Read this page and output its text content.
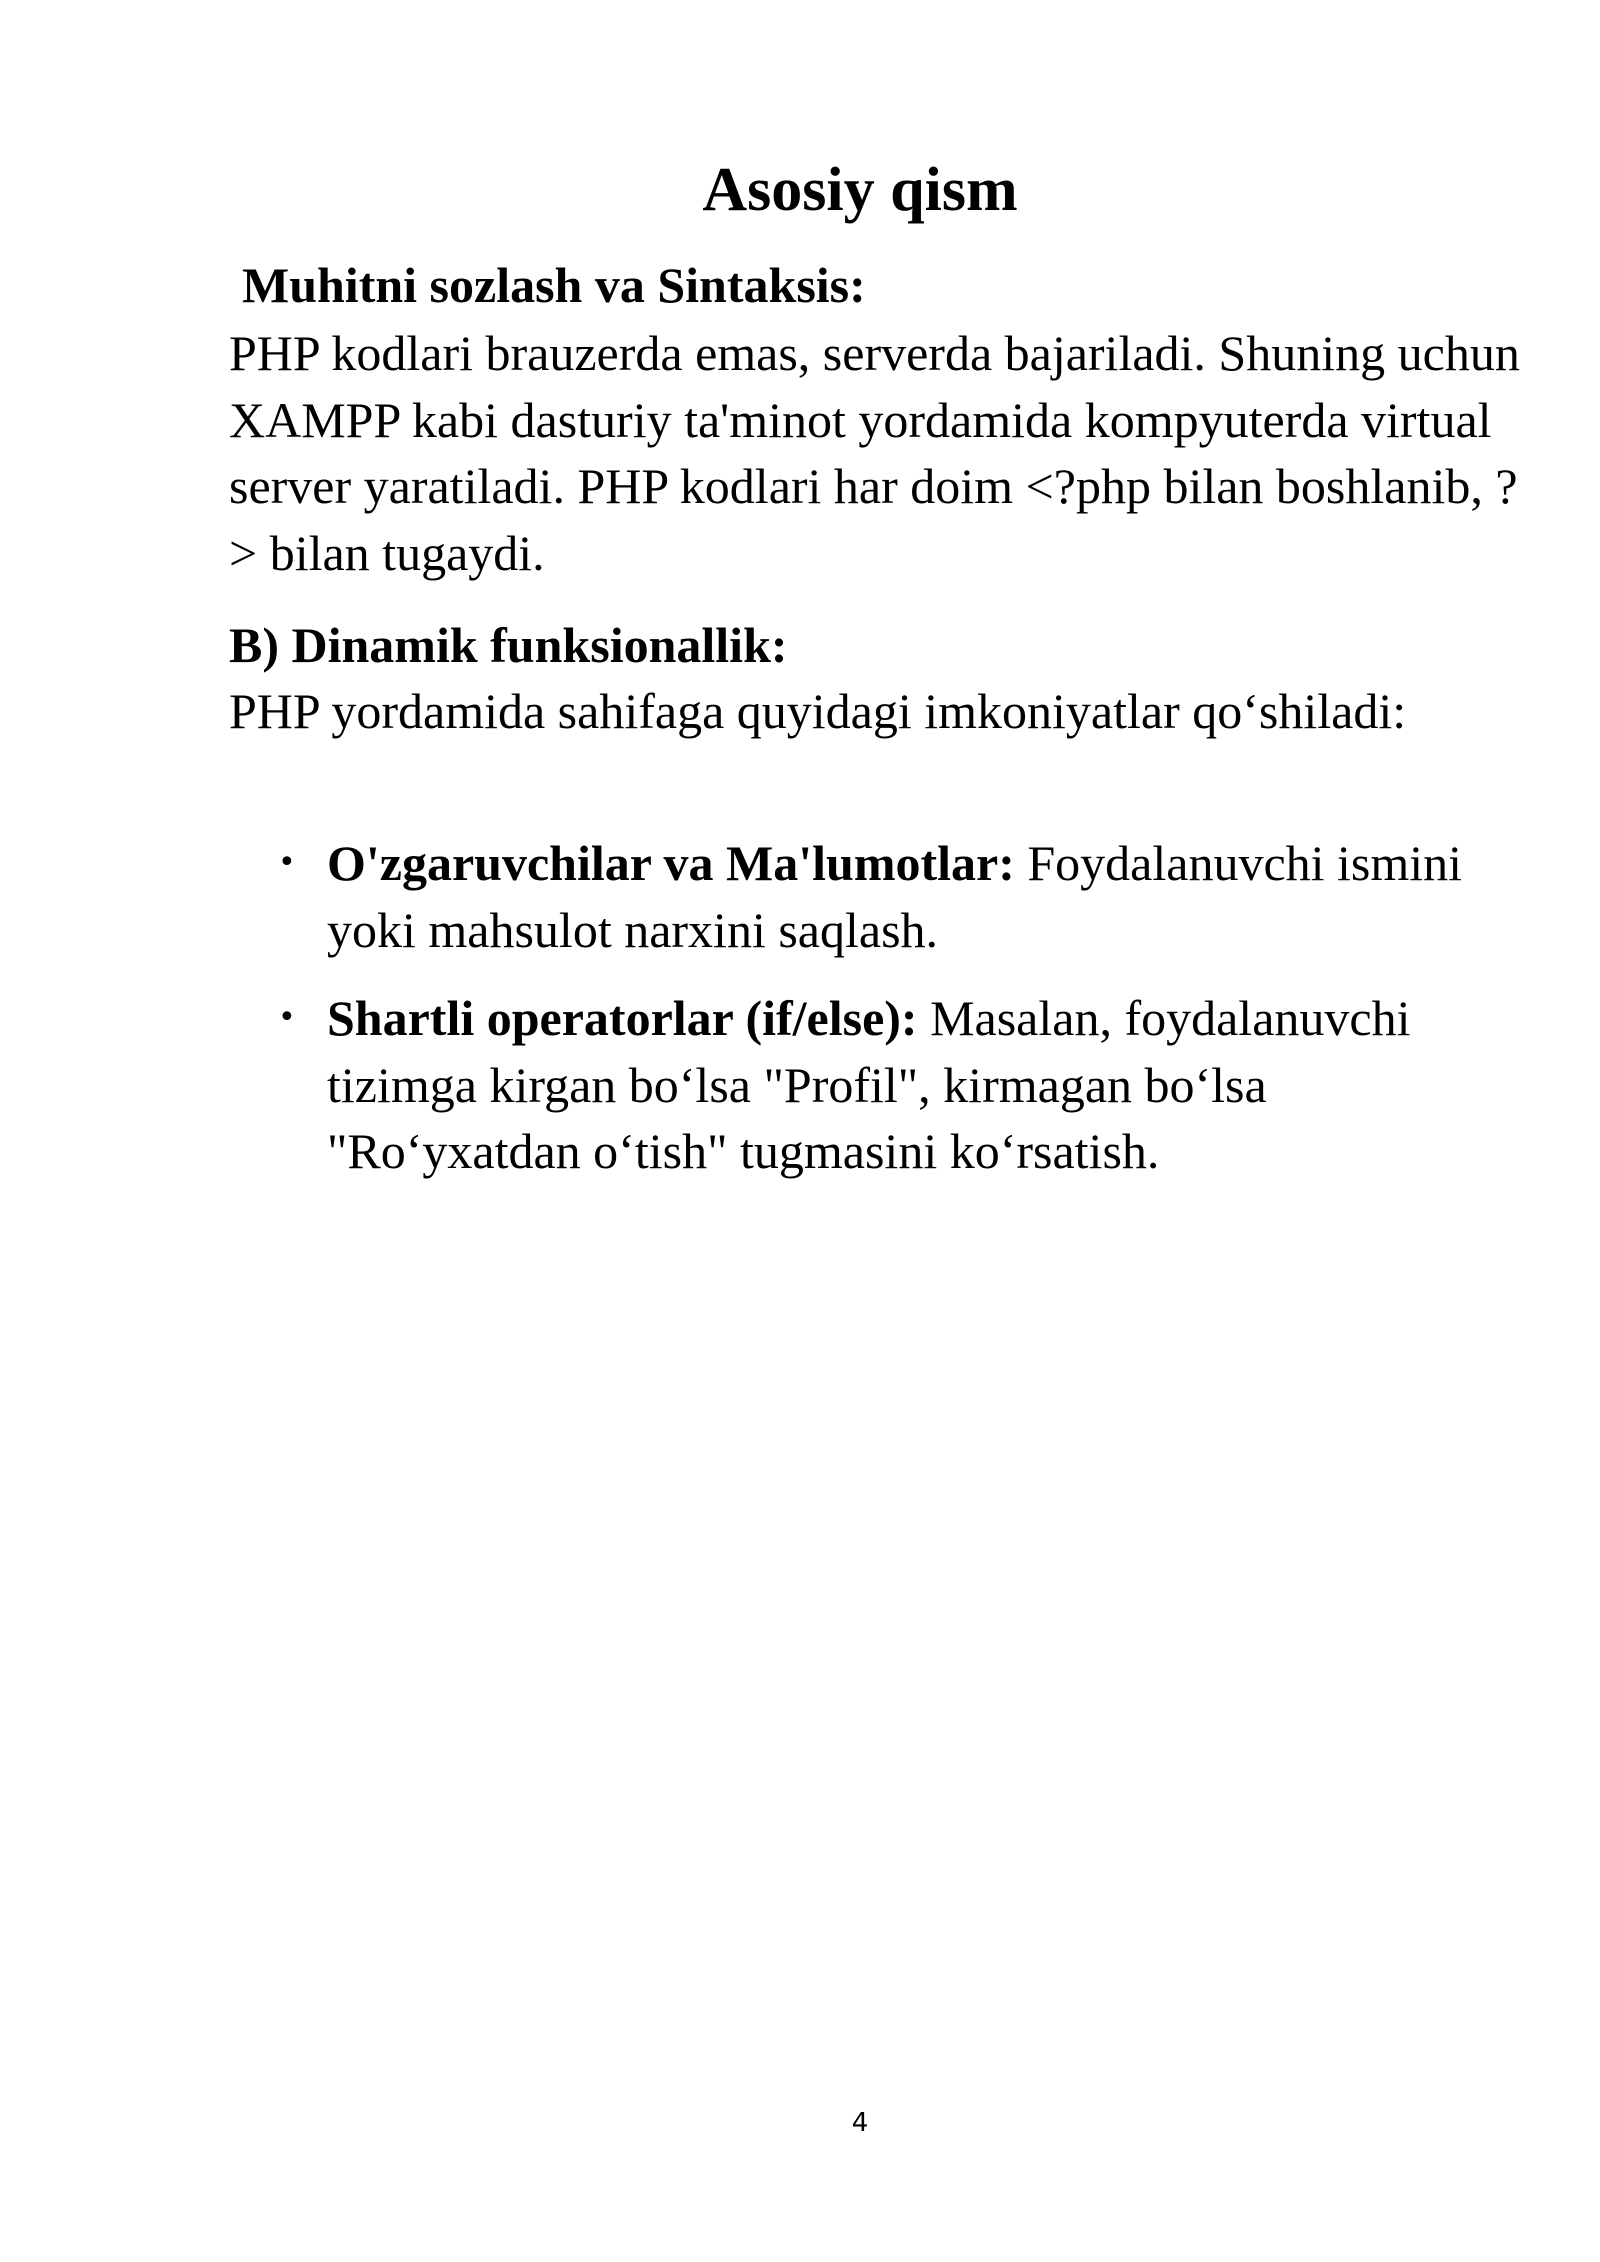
Asosiy qism
Muhitni sozlash va Sintaksis:

PHP kodlari brauzerda emas, serverda bajariladi. Shuning uchun XAMPP kabi dasturiy ta'minot yordamida kompyuterda virtual server yaratiladi. PHP kodlari har doim <?php bilan boshlanib, ?> bilan tugaydi.

B) Dinamik funksionallik:

PHP yordamida sahifaga quyidagi imkoniyatlar qo‘shiladi:

• O'zgaruvchilar va Ma'lumotlar: Foydalanuvchi ismini yoki mahsulot narxini saqlash.
• Shartli operatorlar (if/else): Masalan, foydalanuvchi tizimga kirgan bo‘lsa "Profil", kirmagan bo‘lsa "Ro‘yxatdan o‘tish" tugmasini ko‘rsatish.
4
